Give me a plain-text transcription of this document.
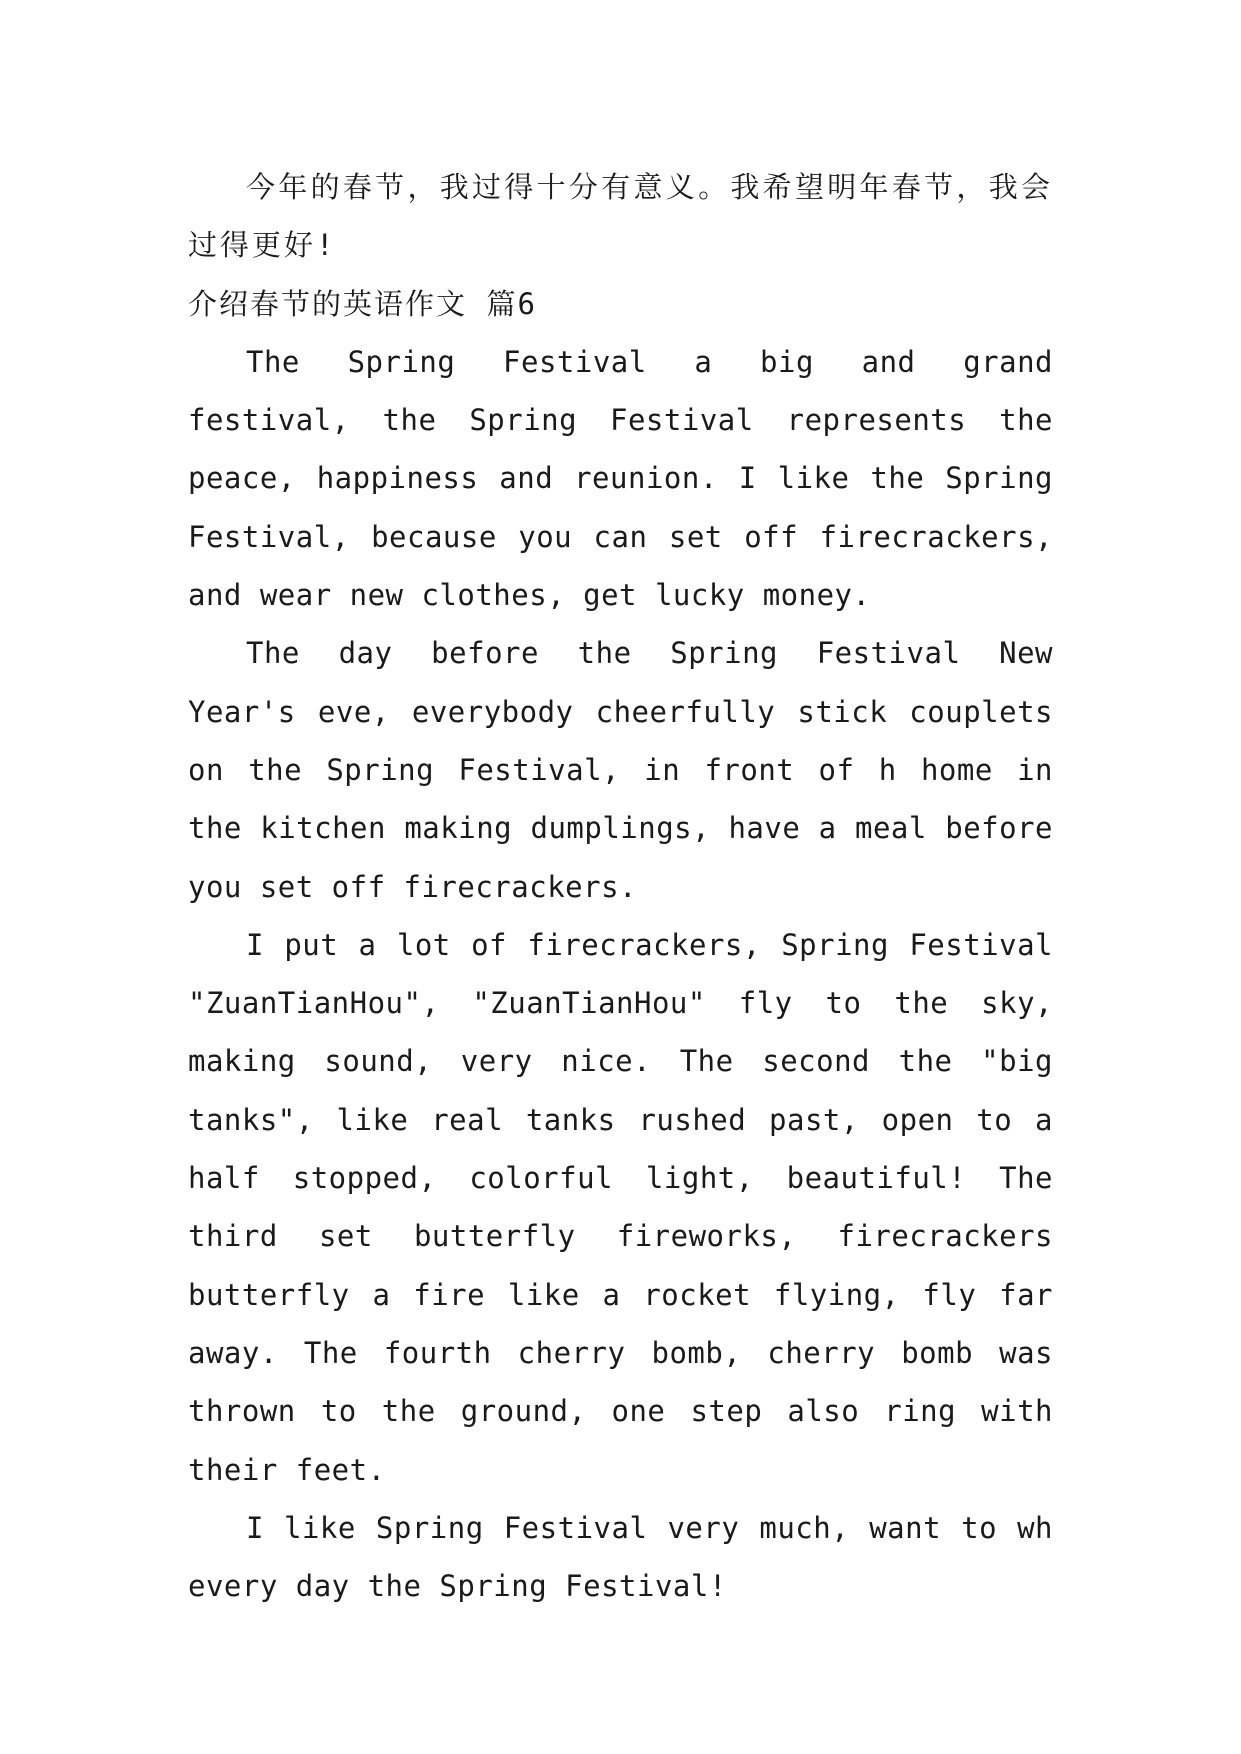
今年的春节，我过得十分有意义。我希望明年春节，我会过得更好!

介绍春节的英语作文 篇6

The Spring Festival a big and grand festival, the Spring Festival represents the peace, happiness and reunion. I like the Spring Festival, because you can set off firecrackers, and wear new clothes, get lucky money.

The day before the Spring Festival New Year's eve, everybody cheerfully stick couplets on the Spring Festival, in front of h home in the kitchen making dumplings, have a meal before you set off firecrackers.

I put a lot of firecrackers, Spring Festival "ZuanTianHou", "ZuanTianHou" fly to the sky, making sound, very nice. The second the "big tanks", like real tanks rushed past, open to a half stopped, colorful light, beautiful! The third set butterfly fireworks, firecrackers butterfly a fire like a rocket flying, fly far away. The fourth cherry bomb, cherry bomb was thrown to the ground, one step also ring with their feet.

I like Spring Festival very much, want to wh every day the Spring Festival!
